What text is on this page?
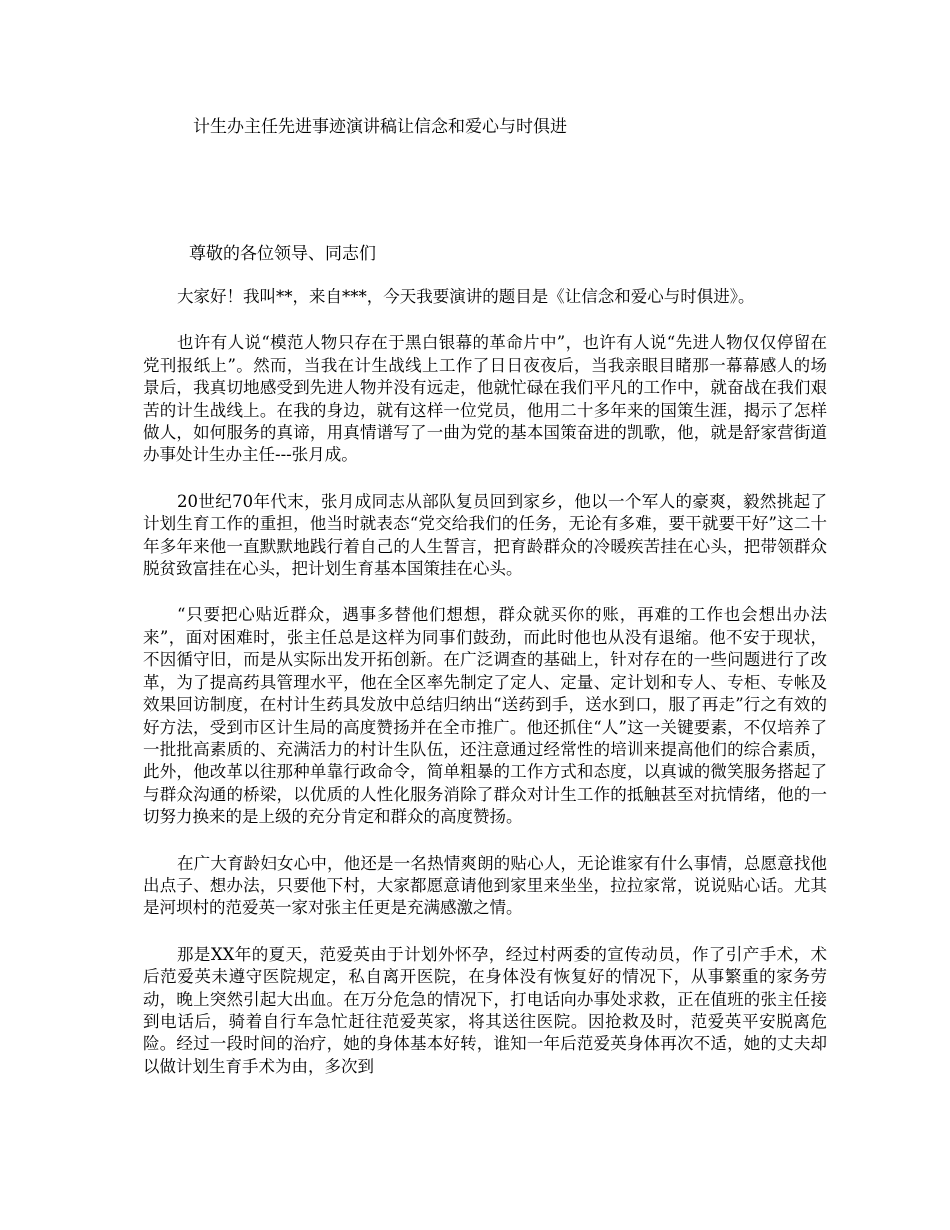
计生办主任先进事迹演讲稿让信念和爱心与时俱进

尊敬的各位领导、同志们

大家好！我叫**，来自***，今天我要演讲的题目是《让信念和爱心与时俱进》。

也许有人说“模范人物只存在于黑白银幕的革命片中”，也许有人说“先进人物仅仅停留在党刊报纸上”。然而，当我在计生战线上工作了日日夜夜后，当我亲眼目睹那一幕幕感人的场景后，我真切地感受到先进人物并没有远走，他就忙碌在我们平凡的工作中，就奋战在我们艰苦的计生战线上。在我的身边，就有这样一位党员，他用二十多年来的国策生涯，揭示了怎样做人，如何服务的真谛，用真情谱写了一曲为党的基本国策奋进的凯歌，他，就是舒家营街道办事处计生办主任---张月成。

20世纪70年代末，张月成同志从部队复员回到家乡，他以一个军人的豪爽，毅然挑起了计划生育工作的重担，他当时就表态“党交给我们的任务，无论有多难，要干就要干好”这二十年多年来他一直默默地践行着自己的人生誓言，把育龄群众的冷暖疾苦挂在心头，把带领群众脱贫致富挂在心头，把计划生育基本国策挂在心头。

“只要把心贴近群众，遇事多替他们想想，群众就买你的账，再难的工作也会想出办法来”，面对困难时，张主任总是这样为同事们鼓劲，而此时他也从没有退缩。他不安于现状，不因循守旧，而是从实际出发开拓创新。在广泛调查的基础上，针对存在的一些问题进行了改革，为了提高药具管理水平，他在全区率先制定了定人、定量、定计划和专人、专柜、专帐及效果回访制度，在村计生药具发放中总结归纳出“送药到手，送水到口，服了再走”行之有效的好方法，受到市区计生局的高度赞扬并在全市推广。他还抓住“人”这一关键要素，不仅培养了一批批高素质的、充满活力的村计生队伍，还注意通过经常性的培训来提高他们的综合素质，此外，他改革以往那种单靠行政命令，简单粗暴的工作方式和态度，以真诚的微笑服务搭起了与群众沟通的桥梁，以优质的人性化服务消除了群众对计生工作的抵触甚至对抗情绪，他的一切努力换来的是上级的充分肯定和群众的高度赞扬。

在广大育龄妇女心中，他还是一名热情爽朗的贴心人，无论谁家有什么事情，总愿意找他出点子、想办法，只要他下村，大家都愿意请他到家里来坐坐，拉拉家常，说说贴心话。尤其是河坝村的范爱英一家对张主任更是充满感激之情。

那是XX年的夏天，范爱英由于计划外怀孕，经过村两委的宣传动员，作了引产手术，术后范爱英未遵守医院规定，私自离开医院，在身体没有恢复好的情况下，从事繁重的家务劳动，晚上突然引起大出血。在万分危急的情况下，打电话向办事处求救，正在值班的张主任接到电话后，骑着自行车急忙赶往范爱英家，将其送往医院。因抢救及时，范爱英平安脱离危险。经过一段时间的治疗，她的身体基本好转，谁知一年后范爱英身体再次不适，她的丈夫却以做计划生育手术为由，多次到
